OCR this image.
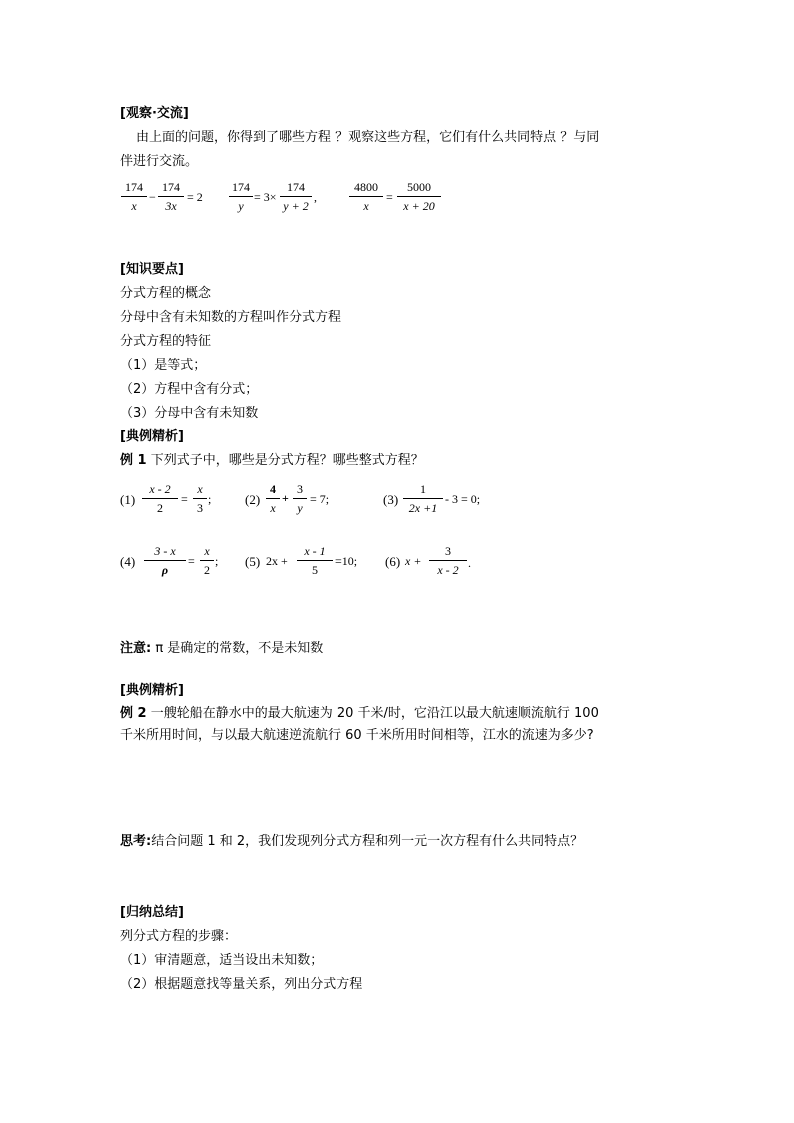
[观察·交流]
由上面的问题，你得到了哪些方程 ？观察这些方程，它们有什么共同特点 ？与同
伴进行交流。
174
x
−
174
3x
= 2
174
y
= 3×
174
y + 2
,
4800
x
=
5000
x + 20
[知识要点]
分式方程的概念
分母中含有未知数的方程叫作分式方程
分式方程的特征
（1）是等式；
（2）方程中含有分式；
（3）分母中含有未知数
[典例精析]
例 1 下列式子中，哪些是分式方程？哪些整式方程？
(1)
x - 2
2
=
x
3
;	(2)
4
x
+
3
y
= 7;	(3)
1
2x +1
- 3 = 0;
(4)
3 - x
ρ
=
x
2
; (5) 2x +
x - 1
5
=10; (6) x +
3
x - 2 .
注意: π 是确定的常数，不是未知数
[典例精析]
例 2 一艘轮船在静水中的最大航速为 20 千米/时，它沿江以最大航速顺流航行 100
千米所用时间，与以最大航速逆流航行 60 千米所用时间相等，江水的流速为多少?
思考:结合问题 1 和 2，我们发现列分式方程和列一元一次方程有什么共同特点？
[归纳总结]
列分式方程的步骤：
（1）审清题意，适当设出未知数；
（2）根据题意找等量关系，列出分式方程
